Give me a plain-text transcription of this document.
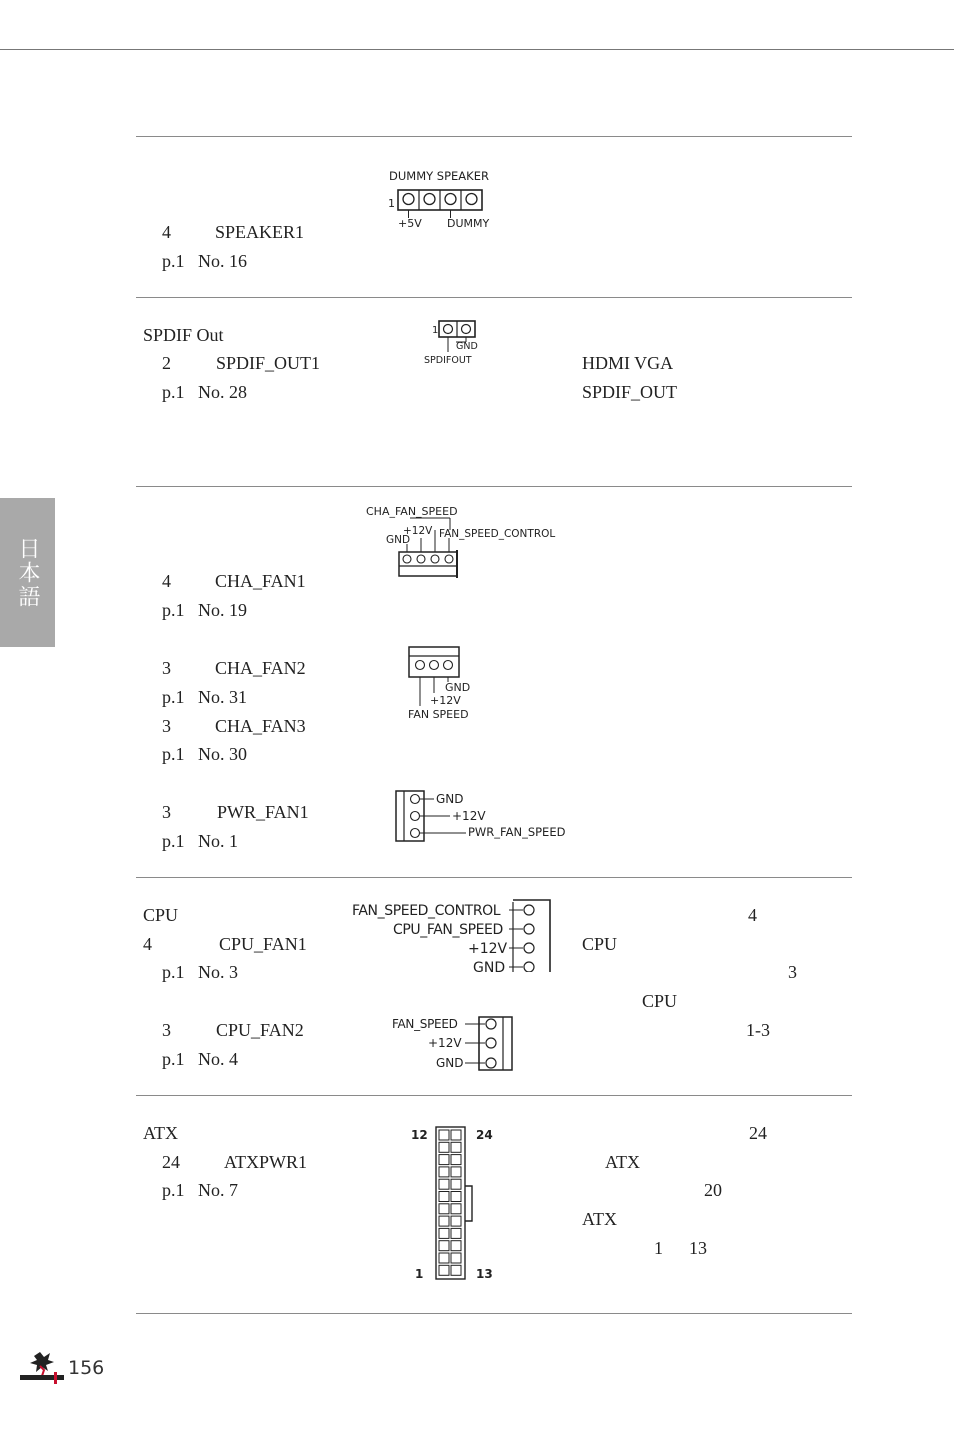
日本語
4 SPEAKER1
p.1 No. 16
DUMMY SPEAKER
1
+5V DUMMY
SPDIF Out
2	SPDIF_OUT1
p.1 No. 28
HDMI VGA
SPDIF_OUT
1
GND
SPDIFOUT
4 CHA_FAN1
p.1 No. 19
3 CHA_FAN2
p.1 No. 31
3 CHA_FAN3
p.1 No. 30
3	PWR_FAN1
p.1 No. 1
CHA_FAN_SPEED
+12V FAN_SPEED_CONTROL
GND
GND
+12V
FAN SPEED
GND
+12V
PWR_FAN_SPEED
CPU
4	CPU_FAN1
p.1 No. 3
3	CPU_FAN2
p.1 No. 4
4
CPU
3
CPU
1-3
FAN_SPEED_CONTROL
CPU_FAN_SPEED
+12V
GND
FAN_SPEED
+12V
GND
ATX
24 ATXPWR1
p.1 No. 7
24
ATX
20
ATX
1 13
12	24
1	13
156
